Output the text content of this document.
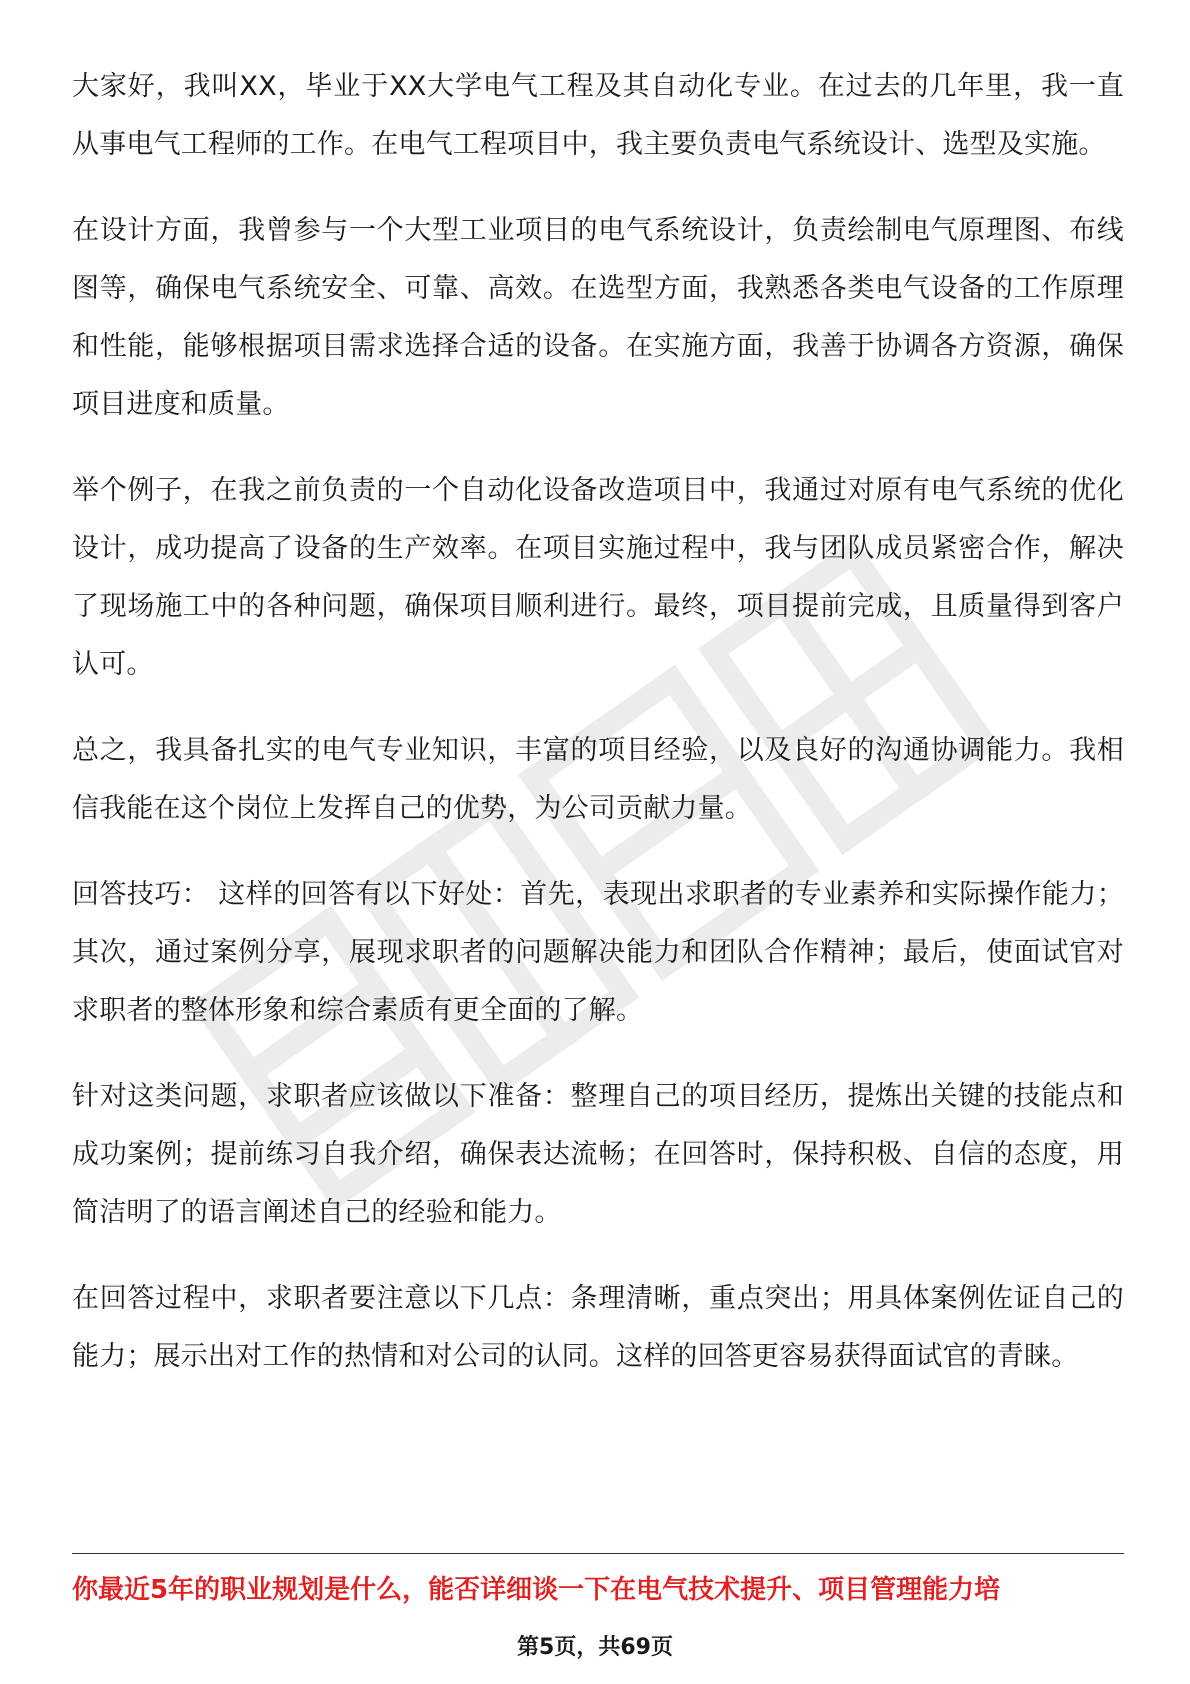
大家好，我叫XX，毕业于XX大学电气工程及其自动化专业。在过去的几年里，我一直从事电气工程师的工作。在电气工程项目中，我主要负责电气系统设计、选型及实施。

在设计方面，我曾参与一个大型工业项目的电气系统设计，负责绘制电气原理图、布线图等，确保电气系统安全、可靠、高效。在选型方面，我熟悉各类电气设备的工作原理和性能，能够根据项目需求选择合适的设备。在实施方面，我善于协调各方资源，确保项目进度和质量。

举个例子，在我之前负责的一个自动化设备改造项目中，我通过对原有电气系统的优化设计，成功提高了设备的生产效率。在项目实施过程中，我与团队成员紧密合作，解决了现场施工中的各种问题，确保项目顺利进行。最终，项目提前完成，且质量得到客户认可。

总之，我具备扎实的电气专业知识，丰富的项目经验，以及良好的沟通协调能力。我相信我能在这个岗位上发挥自己的优势，为公司贡献力量。

回答技巧： 这样的回答有以下好处：首先，表现出求职者的专业素养和实际操作能力；其次，通过案例分享，展现求职者的问题解决能力和团队合作精神；最后，使面试官对求职者的整体形象和综合素质有更全面的了解。

针对这类问题，求职者应该做以下准备：整理自己的项目经历，提炼出关键的技能点和成功案例；提前练习自我介绍，确保表达流畅；在回答时，保持积极、自信的态度，用简洁明了的语言阐述自己的经验和能力。

在回答过程中，求职者要注意以下几点：条理清晰，重点突出；用具体案例佐证自己的能力；展示出对工作的热情和对公司的认同。这样的回答更容易获得面试官的青睐。

你最近5年的职业规划是什么，能否详细谈一下在电气技术提升、项目管理能力培
第5页，共69页
